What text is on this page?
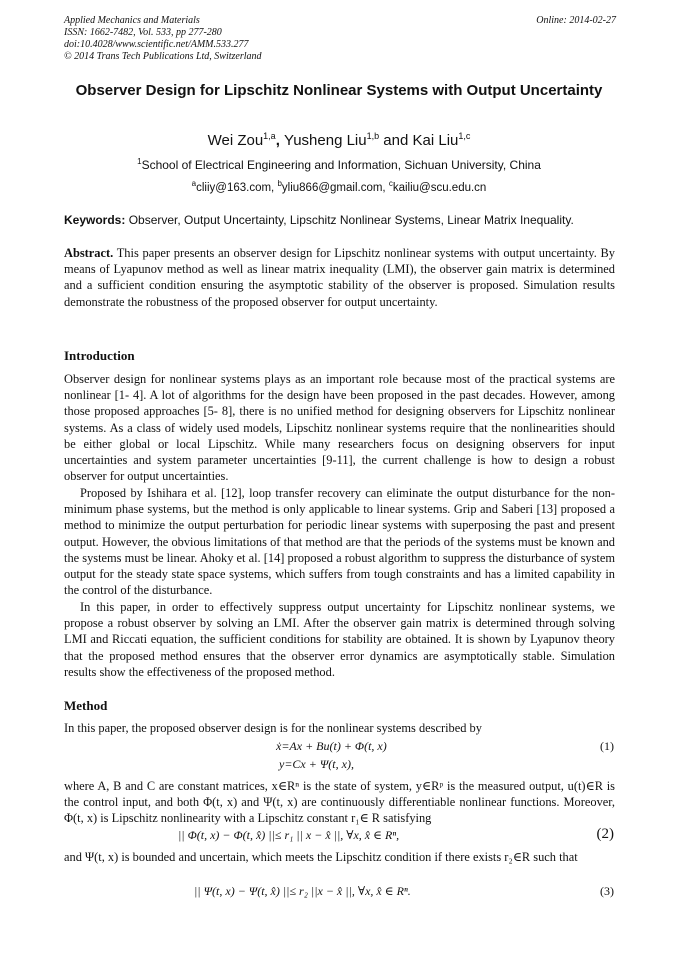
Applied Mechanics and Materials
ISSN: 1662-7482, Vol. 533, pp 277-280
doi:10.4028/www.scientific.net/AMM.533.277
© 2014 Trans Tech Publications Ltd, Switzerland
Online: 2014-02-27
Observer Design for Lipschitz Nonlinear Systems with Output Uncertainty
Wei Zou$^{1,a}$, Yusheng Liu$^{1,b}$ and Kai Liu$^{1,c}$
$^1$School of Electrical Engineering and Information, Sichuan University, China
$^a$cliiy@163.com, $^b$yliu866@gmail.com, $^c$kailiu@scu.edu.cn
Keywords: Observer, Output Uncertainty, Lipschitz Nonlinear Systems, Linear Matrix Inequality.
Abstract. This paper presents an observer design for Lipschitz nonlinear systems with output uncertainty. By means of Lyapunov method as well as linear matrix inequality (LMI), the observer gain matrix is determined and a sufficient condition ensuring the asymptotic stability of the observer is proposed. Simulation results demonstrate the robustness of the proposed observer for output uncertainty.
Introduction
Observer design for nonlinear systems plays as an important role because most of the practical systems are nonlinear [1- 4]. A lot of algorithms for the design have been proposed in the past decades. However, among those proposed approaches [5- 8], there is no unified method for designing observers for Lipschitz nonlinear systems. As a class of widely used models, Lipschitz nonlinear systems require that the nonlinearities should be either global or local Lipschitz. While many researchers focus on designing observers for input uncertainties and system parameter uncertainties [9-11], the current challenge is how to design a robust observer for output uncertainties.
Proposed by Ishihara et al. [12], loop transfer recovery can eliminate the output disturbance for the non-minimum phase systems, but the method is only applicable to linear systems. Grip and Saberi [13] proposed a method to minimize the output perturbation for periodic linear systems with superposing the past and present output. However, the obvious limitations of that method are that the periods of the systems must be known and the systems must be linear. Ahoky et al. [14] proposed a robust algorithm to suppress the disturbance of system output for the steady state space systems, which suffers from tough constraints and has a limited capability in the control of the disturbance.
In this paper, in order to effectively suppress output uncertainty for Lipschitz nonlinear systems, we propose a robust observer by solving an LMI. After the observer gain matrix is determined through solving LMI and Riccati equation, the sufficient conditions for stability are obtained. It is shown by Lyapunov theory that the proposed method ensures that the observer error dynamics are asymptotically stable. Simulation results show the effectiveness of the proposed method.
Method
In this paper, the proposed observer design is for the nonlinear systems described by
ẋ=Ax + Bu(t) + Φ(t, x)	(1)
y=Cx + Ψ(t, x),
where A, B and C are constant matrices, x∈Rⁿ is the state of system, y∈Rᵖ is the measured output, u(t)∈R is the control input, and both Φ(t, x) and Ψ(t, x) are continuously differentiable nonlinear functions. Moreover, Φ(t, x) is Lipschitz nonlinearity with a Lipschitz constant r₁∈ R satisfying
|| Φ(t, x) − Φ(t, x̂) ||≤ r₁ || x − x̂ ||, ∀x, x̂ ∈ Rⁿ,	(2)
and Ψ(t, x) is bounded and uncertain, which meets the Lipschitz condition if there exists r₂∈R such that
|| Ψ(t, x) − Ψ(t, x̂) ||≤ r₂ ||x − x̂ ||, ∀x, x̂ ∈ Rⁿ.	(3)
